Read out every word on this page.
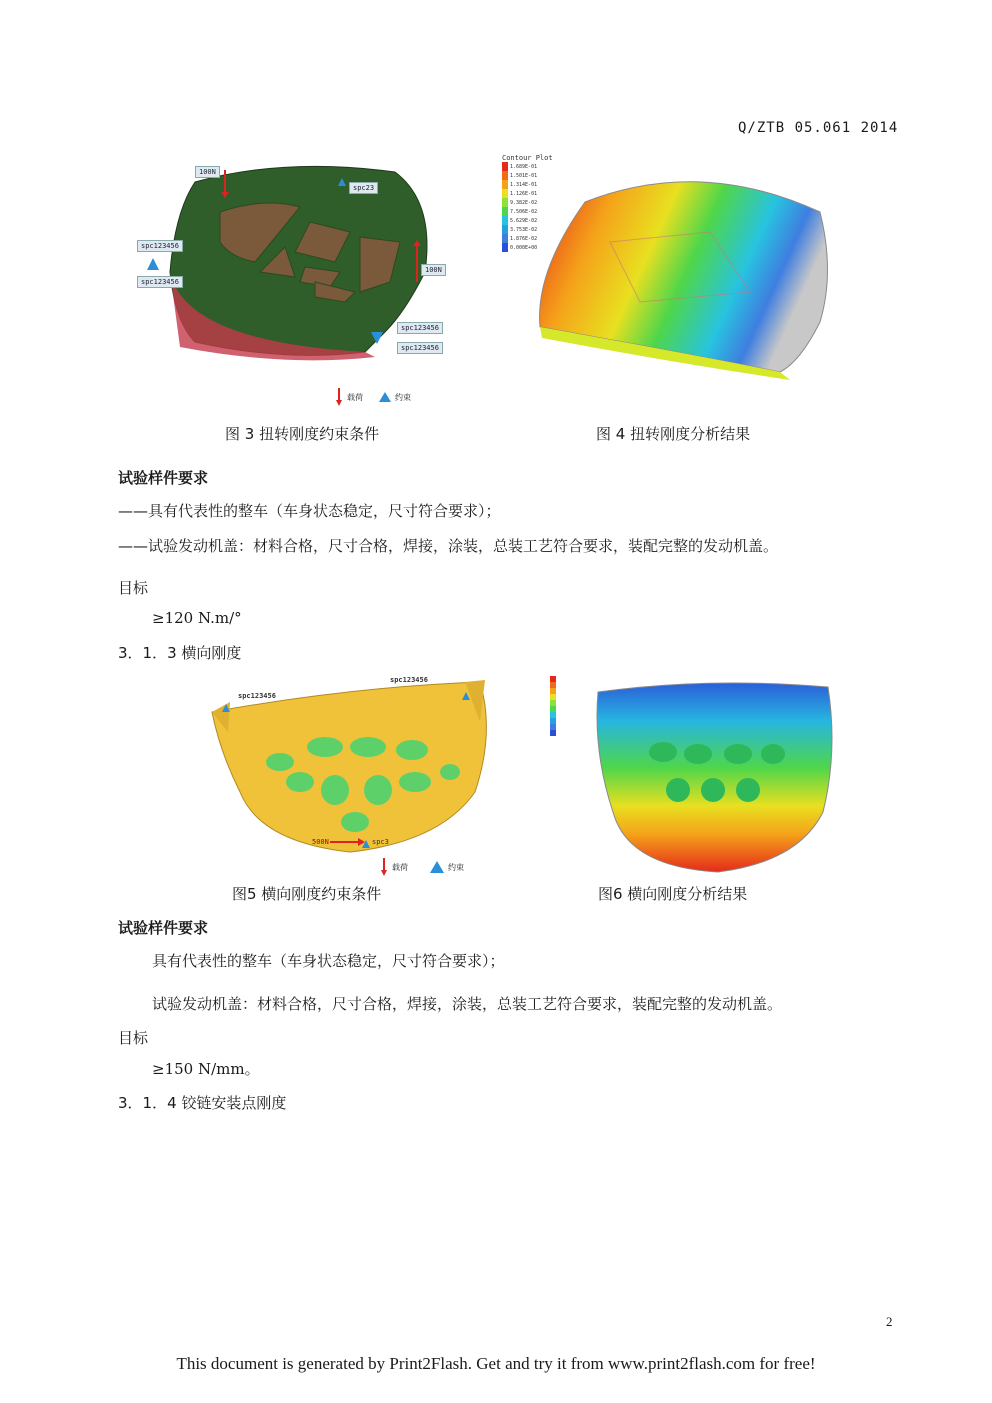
Q/ZTB 05.061 2014
100N
spc23
spc123456
spc123456
100N
spc123456
spc123456
载荷	约束
图 3 扭转刚度约束条件
Contour Plot
1.689E-01
1.501E-01
1.314E-01
1.126E-01
9.382E-02
7.506E-02
5.629E-02
3.753E-02
1.876E-02
0.000E+00
图 4 扭转刚度分析结果
试验样件要求
——具有代表性的整车（车身状态稳定，尺寸符合要求）；
——试验发动机盖：材料合格，尺寸合格，焊接，涂装，总装工艺符合要求，装配完整的发动机盖。
目标
≥120 N.m/°
3．1．3 横向刚度
spc123456
spc123456
500N	spc3
载荷	约束
图5 横向刚度约束条件	图6 横向刚度分析结果
试验样件要求
具有代表性的整车（车身状态稳定，尺寸符合要求）；
试验发动机盖：材料合格，尺寸合格，焊接，涂装，总装工艺符合要求，装配完整的发动机盖。
目标
≥150 N/mm。
3．1．4 铰链安装点刚度
2
This document is generated by Print2Flash. Get and try it from www.print2flash.com for free!
